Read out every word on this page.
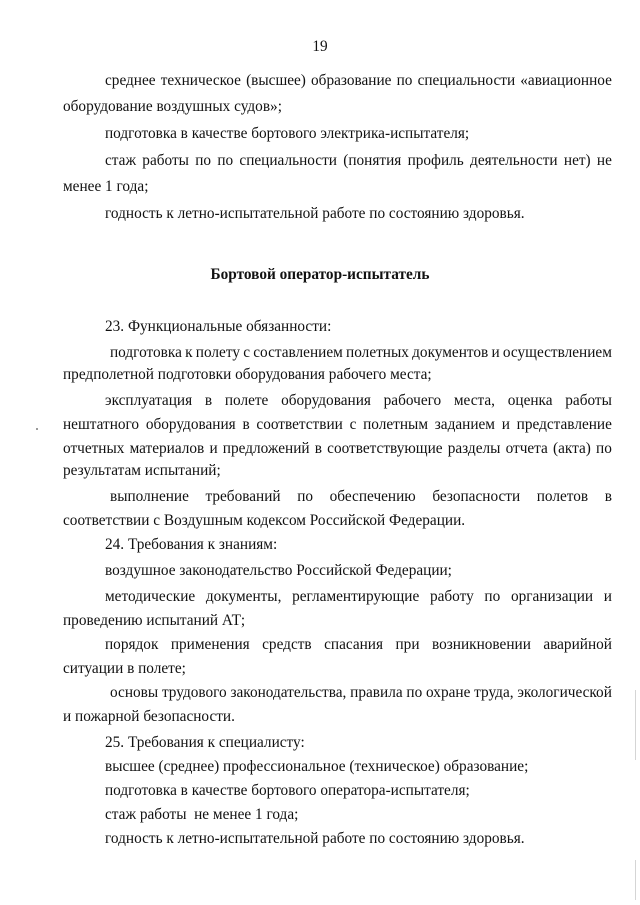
19

среднее техническое (высшее) образование по специальности «авиационное

оборудование воздушных судов»;

подготовка в качестве бортового электрика-испытателя;

стаж работы по по специальности (понятия профиль деятельности нет) не

менее 1 года;

годность к летно-испытательной работе по состоянию здоровья.

Бортовой оператор-испытатель

23. Функциональные обязанности:

подготовка к полету с составлением полетных документов и осуществлением

предполетной подготовки оборудования рабочего места;

эксплуатация в полете оборудования рабочего места, оценка работы

нештатного оборудования в соответствии с полетным заданием и представление

отчетных материалов и предложений в соответствующие разделы отчета (акта) по

результатам испытаний;

выполнение требований по обеспечению безопасности полетов в

соответствии с Воздушным кодексом Российской Федерации.

24. Требования к знаниям:

воздушное законодательство Российской Федерации;

методические документы, регламентирующие работу по организации и

проведению испытаний АТ;

порядок применения средств спасания при возникновении аварийной

ситуации в полете;

основы трудового законодательства, правила по охране труда, экологической

и пожарной безопасности.

25. Требования к специалисту:

высшее (среднее) профессиональное (техническое) образование;

подготовка в качестве бортового оператора-испытателя;

стаж работы  не менее 1 года;

годность к летно-испытательной работе по состоянию здоровья.
